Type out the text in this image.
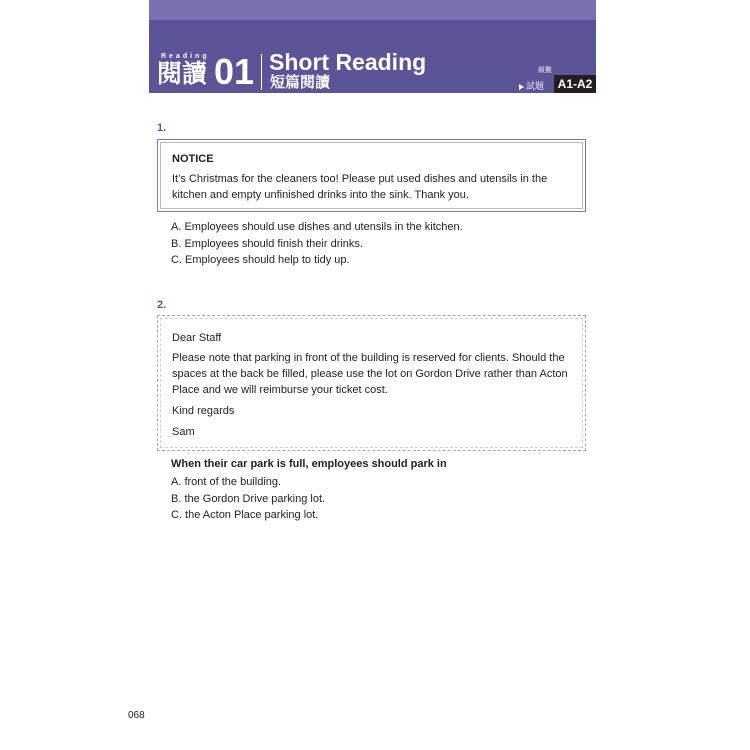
Reading
閱讀 01 Short Reading
短篇閱讀
級數
試題	A1-A2
1.
NOTICE
It’s Christmas for the cleaners too! Please put used dishes and utensils in the kitchen and empty unfinished drinks into the sink. Thank you.
A. Employees should use dishes and utensils in the kitchen.
B. Employees should finish their drinks.
C. Employees should help to tidy up.
2.
Dear Staff
Please note that parking in front of the building is reserved for clients. Should the spaces at the back be filled, please use the lot on Gordon Drive rather than Acton Place and we will reimburse your ticket cost.
Kind regards
Sam
When their car park is full, employees should park in
A. front of the building.
B. the Gordon Drive parking lot.
C. the Acton Place parking lot.
068
